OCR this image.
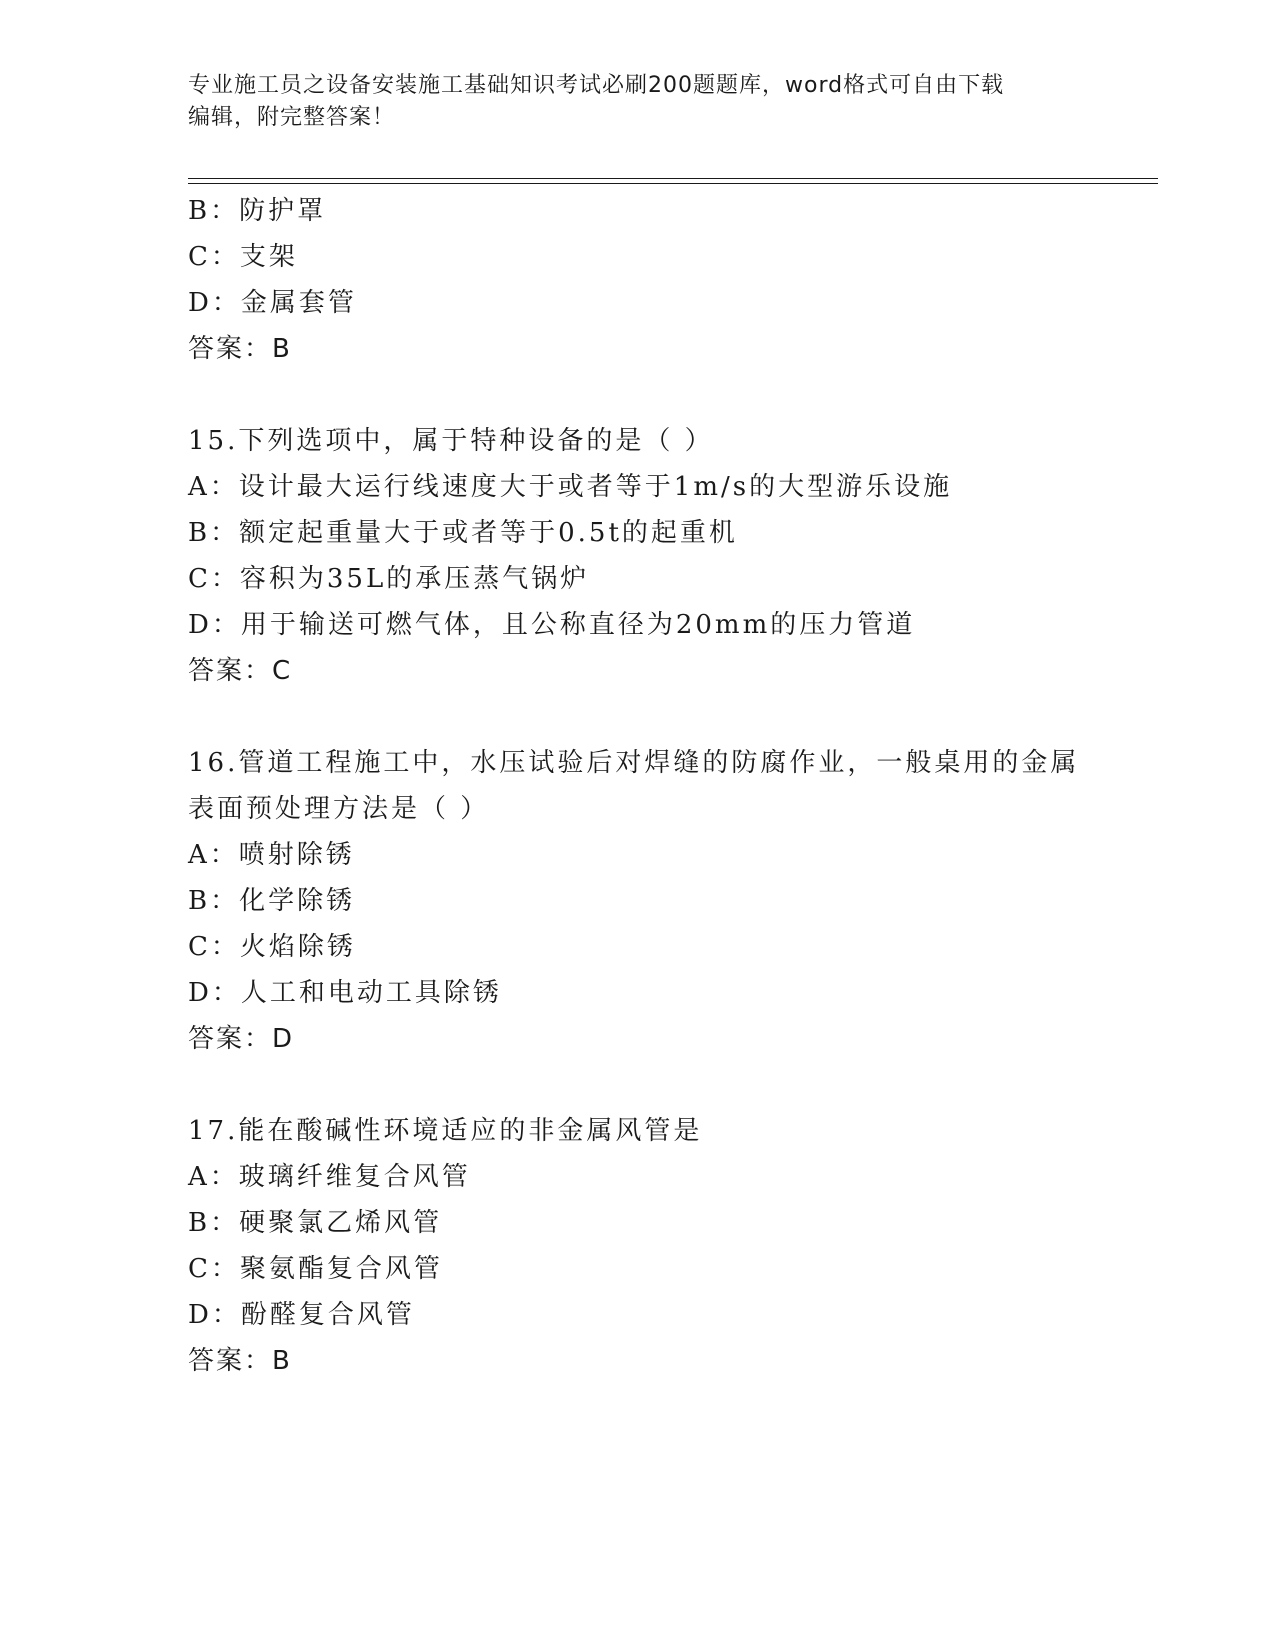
专业施工员之设备安装施工基础知识考试必刷200题题库，word格式可自由下载
编辑，附完整答案！
B：防护罩
C：支架
D：金属套管
答案：B
15.下列选项中，属于特种设备的是（ ）
A：设计最大运行线速度大于或者等于1m/s的大型游乐设施
B：额定起重量大于或者等于0.5t的起重机
C：容积为35L的承压蒸气锅炉
D：用于输送可燃气体，且公称直径为20mm的压力管道
答案：C
16.管道工程施工中，水压试验后对焊缝的防腐作业，一般桌用的金属
表面预处理方法是（ ）
A：喷射除锈
B：化学除锈
C：火焰除锈
D：人工和电动工具除锈
答案：D
17.能在酸碱性环境适应的非金属风管是
A：玻璃纤维复合风管
B：硬聚氯乙烯风管
C：聚氨酯复合风管
D：酚醛复合风管
答案：B
